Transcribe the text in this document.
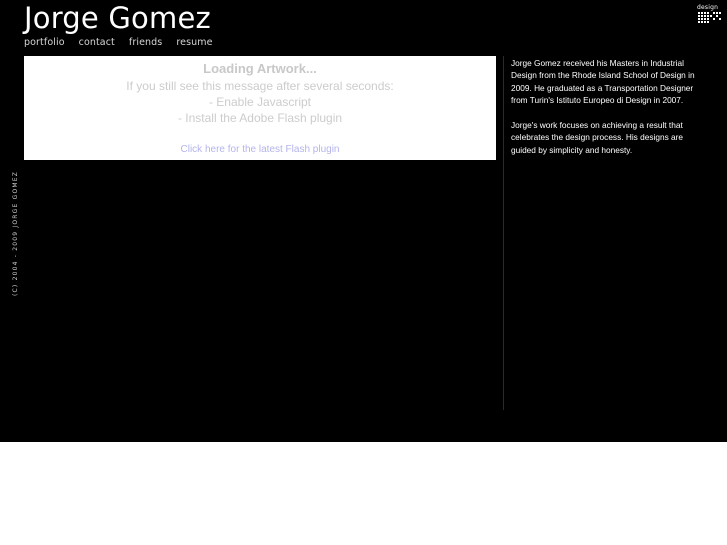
Jorge Gomez
portfolio contact friends resume
design
(C) 2004 - 2009 JORGE GOMEZ
Loading Artwork...
If you still see this message after several seconds:
- Enable Javascript
- Install the Adobe Flash plugin
Click here for the latest Flash plugin

Jorge Gomez received his Masters in Industrial Design from the Rhode Island School of Design in 2009. He graduated as a Transportation Designer from Turin's Istituto Europeo di Design in 2007.

Jorge's work focuses on achieving a result that celebrates the design process. His designs are guided by simplicity and honesty.
